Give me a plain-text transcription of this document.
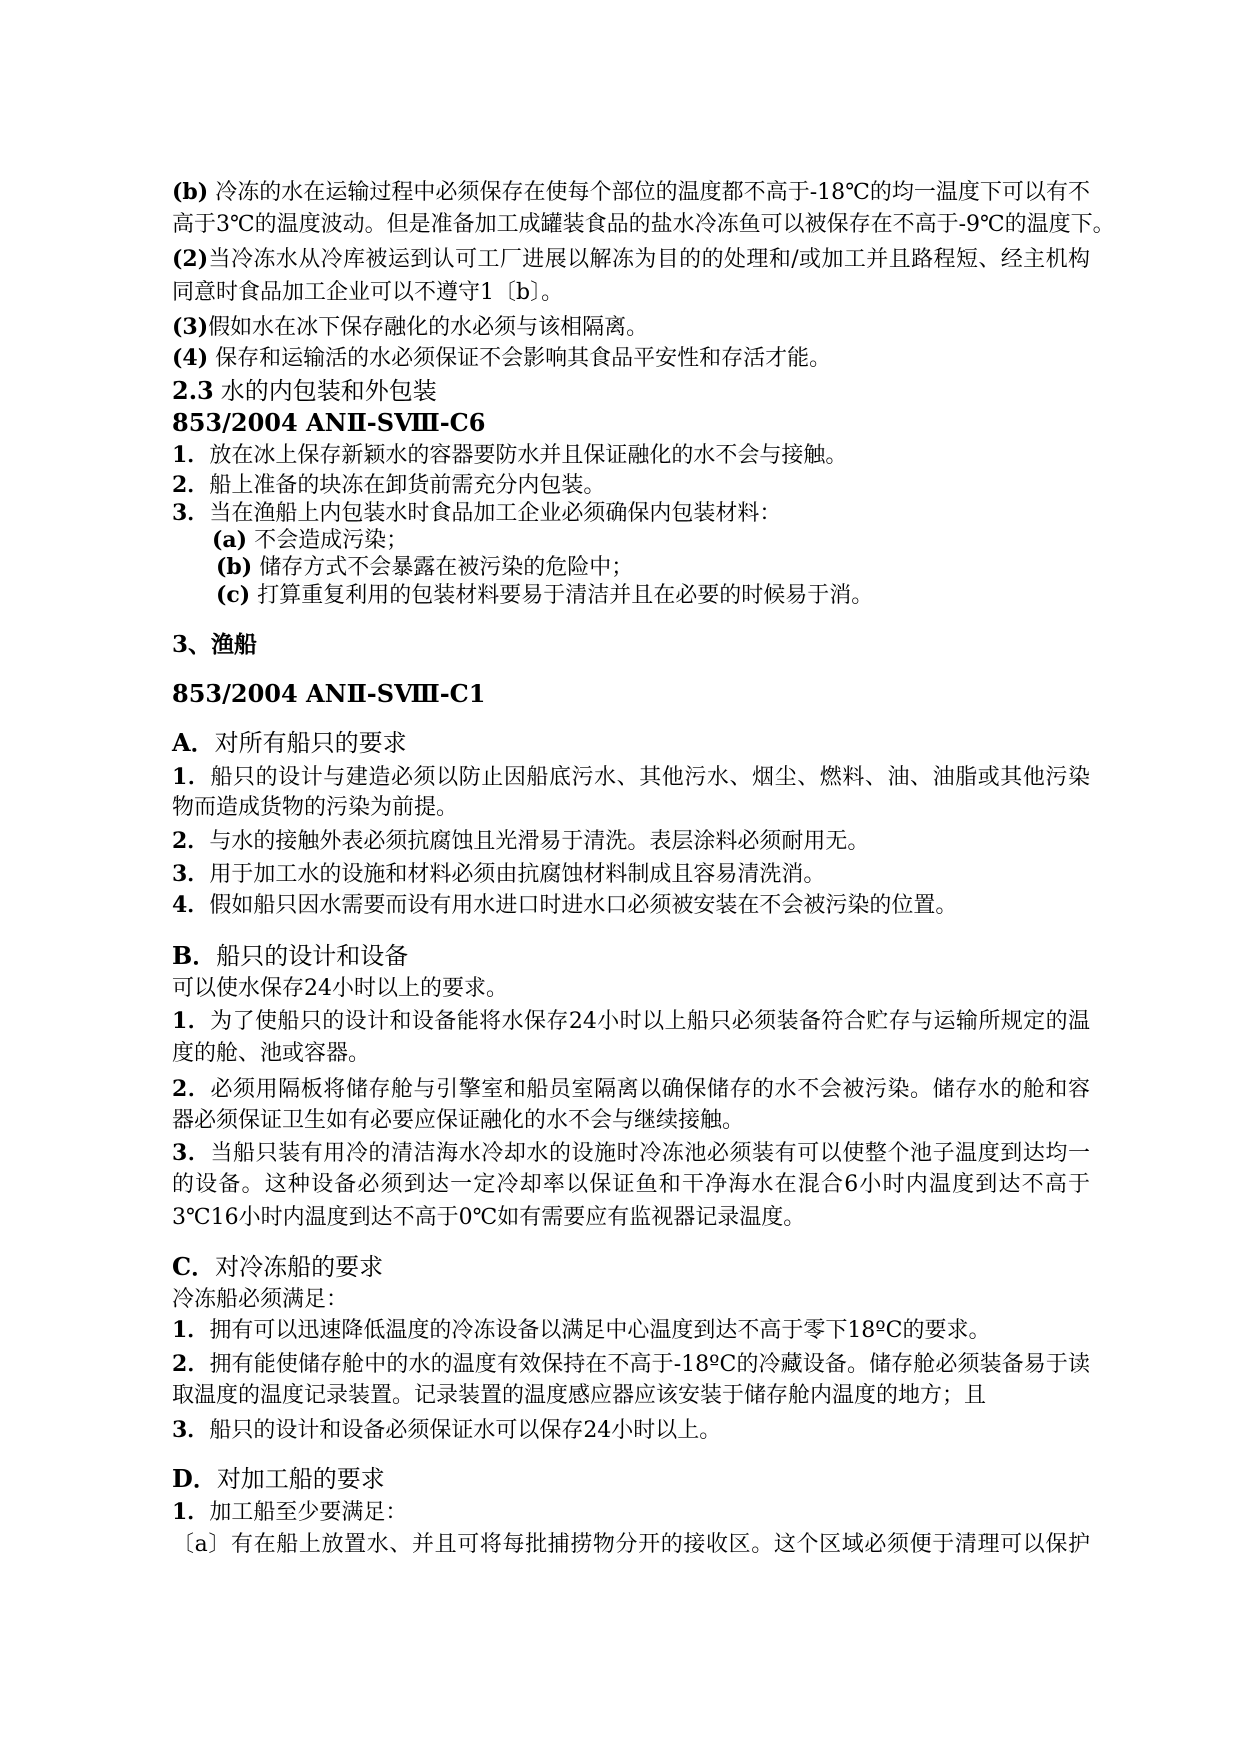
(b) 冷冻的水在运输过程中必须保存在使每个部位的温度都不高于-18℃的均一温度下可以有不
高于3℃的温度波动。但是准备加工成罐装食品的盐水冷冻鱼可以被保存在不高于-9℃的温度下。
(2)当冷冻水从冷库被运到认可工厂进展以解冻为目的的处理和/或加工并且路程短、经主机构
同意时食品加工企业可以不遵守1〔b〕。
(3)假如水在冰下保存融化的水必须与该相隔离。
(4) 保存和运输活的水必须保证不会影响其食品平安性和存活才能。
2.3 水的内包装和外包装
853/2004 ANⅡ-SⅧ-C6
1．放在冰上保存新颖水的容器要防水并且保证融化的水不会与接触。
2．船上准备的块冻在卸货前需充分内包装。
3．当在渔船上内包装水时食品加工企业必须确保内包装材料：
(a) 不会造成污染；
(b) 储存方式不会暴露在被污染的危险中；
(c) 打算重复利用的包装材料要易于清洁并且在必要的时候易于消。
3、渔船
853/2004 ANⅡ-SⅧ-C1
A．对所有船只的要求
1．船只的设计与建造必须以防止因船底污水、其他污水、烟尘、燃料、油、油脂或其他污染
物而造成货物的污染为前提。
2．与水的接触外表必须抗腐蚀且光滑易于清洗。表层涂料必须耐用无。
3．用于加工水的设施和材料必须由抗腐蚀材料制成且容易清洗消。
4．假如船只因水需要而设有用水进口时进水口必须被安装在不会被污染的位置。
B．船只的设计和设备
可以使水保存24小时以上的要求。
1．为了使船只的设计和设备能将水保存24小时以上船只必须装备符合贮存与运输所规定的温
度的舱、池或容器。
2．必须用隔板将储存舱与引擎室和船员室隔离以确保储存的水不会被污染。储存水的舱和容
器必须保证卫生如有必要应保证融化的水不会与继续接触。
3．当船只装有用冷的清洁海水冷却水的设施时冷冻池必须装有可以使整个池子温度到达均一
的设备。这种设备必须到达一定冷却率以保证鱼和干净海水在混合6小时内温度到达不高于
3℃16小时内温度到达不高于0℃如有需要应有监视器记录温度。
C．对冷冻船的要求
冷冻船必须满足：
1．拥有可以迅速降低温度的冷冻设备以满足中心温度到达不高于零下18ºC的要求。
2．拥有能使储存舱中的水的温度有效保持在不高于-18ºC的冷藏设备。储存舱必须装备易于读
取温度的温度记录装置。记录装置的温度感应器应该安装于储存舱内温度的地方；且
3．船只的设计和设备必须保证水可以保存24小时以上。
D．对加工船的要求
1．加工船至少要满足：
〔a〕有在船上放置水、并且可将每批捕捞物分开的接收区。这个区域必须便于清理可以保护
